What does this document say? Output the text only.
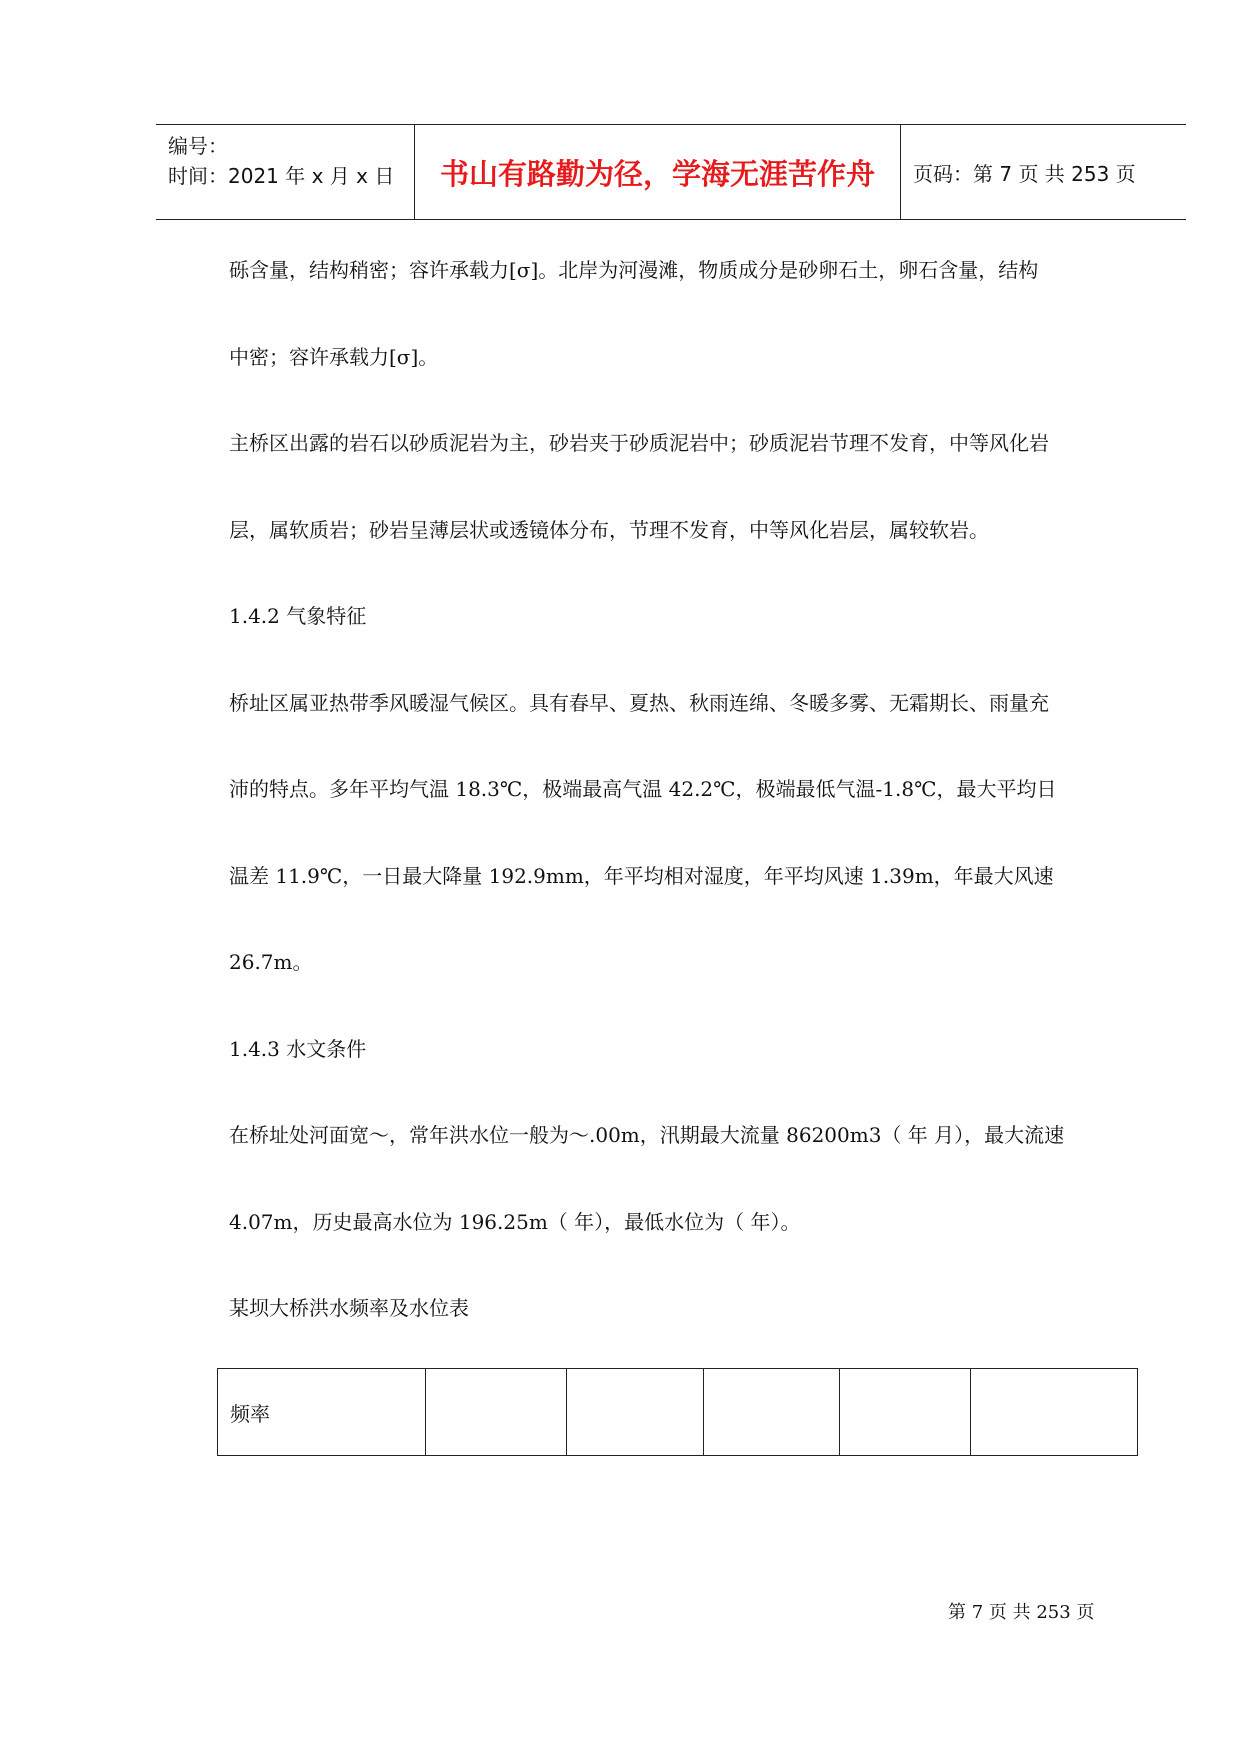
编号：
时间：2021 年 x 月 x 日	书山有路勤为径，学海无涯苦作舟	页码：第 7 页 共 253 页

砾含量，结构稍密；容许承载力[σ]。北岸为河漫滩，物质成分是砂卵石土，卵石含量，结构

中密；容许承载力[σ]。

主桥区出露的岩石以砂质泥岩为主，砂岩夹于砂质泥岩中；砂质泥岩节理不发育，中等风化岩

层，属软质岩；砂岩呈薄层状或透镜体分布，节理不发育，中等风化岩层，属较软岩。

1.4.2 气象特征

桥址区属亚热带季风暖湿气候区。具有春早、夏热、秋雨连绵、冬暖多雾、无霜期长、雨量充

沛的特点。多年平均气温 18.3℃，极端最高气温 42.2℃，极端最低气温-1.8℃，最大平均日

温差 11.9℃，一日最大降量 192.9mm，年平均相对湿度，年平均风速 1.39m，年最大风速

26.7m。

1.4.3 水文条件

在桥址处河面宽～，常年洪水位一般为～.00m，汛期最大流量 86200m3（ 年 月），最大流速

4.07m，历史最高水位为 196.25m（ 年），最低水位为（ 年）。

某坝大桥洪水频率及水位表

频率					
第 7 页 共 253 页
